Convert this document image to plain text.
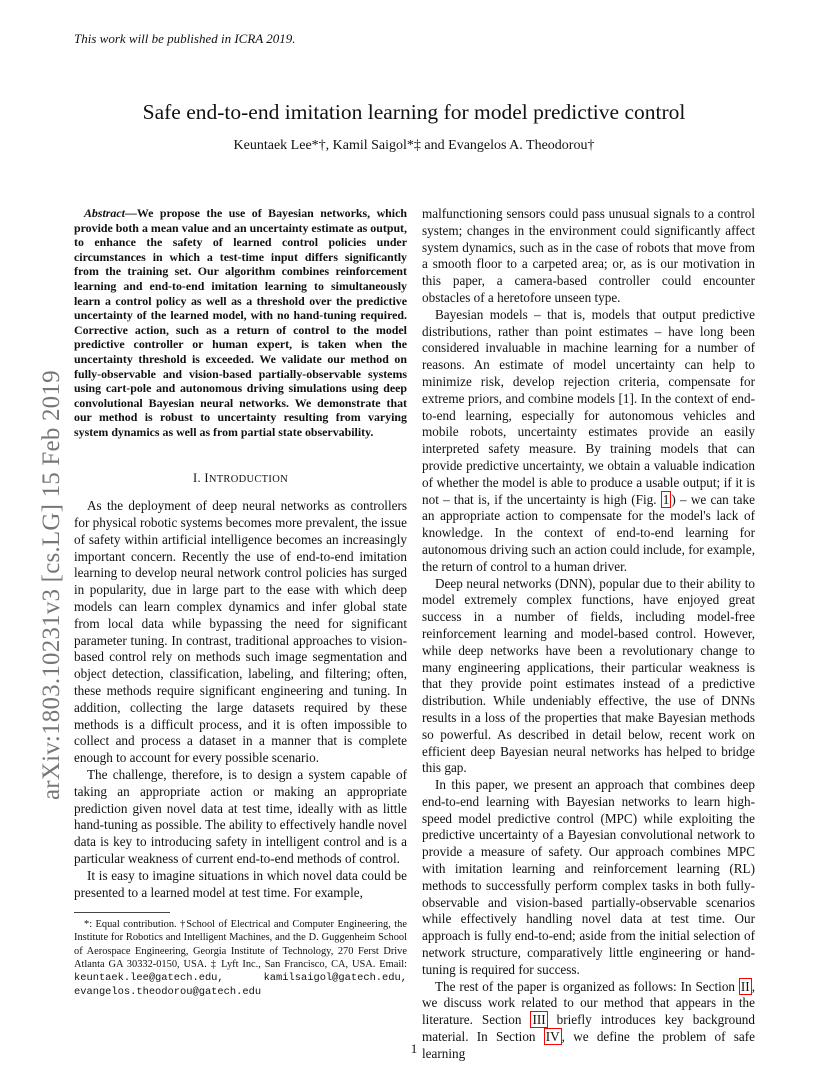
This work will be published in ICRA 2019.
arXiv:1803.10231v3 [cs.LG] 15 Feb 2019
Safe end-to-end imitation learning for model predictive control
Keuntaek Lee*†, Kamil Saigol*‡ and Evangelos A. Theodorou†

Abstract—We propose the use of Bayesian networks, which provide both a mean value and an uncertainty estimate as output, to enhance the safety of learned control policies under circumstances in which a test-time input differs significantly from the training set. Our algorithm combines reinforcement learning and end-to-end imitation learning to simultaneously learn a control policy as well as a threshold over the predictive uncertainty of the learned model, with no hand-tuning required. Corrective action, such as a return of control to the model predictive controller or human expert, is taken when the uncertainty threshold is exceeded. We validate our method on fully-observable and vision-based partially-observable systems using cart-pole and autonomous driving simulations using deep convolutional Bayesian neural networks. We demonstrate that our method is robust to uncertainty resulting from varying system dynamics as well as from partial state observability.

I. INTRODUCTION

As the deployment of deep neural networks as controllers for physical robotic systems becomes more prevalent, the issue of safety within artificial intelligence becomes an increasingly important concern. Recently the use of end-to-end imitation learning to develop neural network control policies has surged in popularity, due in large part to the ease with which deep models can learn complex dynamics and infer global state from local data while bypassing the need for significant parameter tuning. In contrast, traditional approaches to vision-based control rely on methods such image segmentation and object detection, classification, labeling, and filtering; often, these methods require significant engineering and tuning. In addition, collecting the large datasets required by these methods is a difficult process, and it is often impossible to collect and process a dataset in a manner that is complete enough to account for every possible scenario.

The challenge, therefore, is to design a system capable of taking an appropriate action or making an appropriate prediction given novel data at test time, ideally with as little hand-tuning as possible. The ability to effectively handle novel data is key to introducing safety in intelligent control and is a particular weakness of current end-to-end methods of control.

It is easy to imagine situations in which novel data could be presented to a learned model at test time. For example,

*: Equal contribution. †School of Electrical and Computer Engineering, the Institute for Robotics and Intelligent Machines, and the D. Guggenheim School of Aerospace Engineering, Georgia Institute of Technology, 270 Ferst Drive Atlanta GA 30332-0150, USA. ‡ Lyft Inc., San Francisco, CA, USA. Email: keuntaek.lee@gatech.edu, kamilsaigol@gatech.edu, evangelos.theodorou@gatech.edu

malfunctioning sensors could pass unusual signals to a control system; changes in the environment could significantly affect system dynamics, such as in the case of robots that move from a smooth floor to a carpeted area; or, as is our motivation in this paper, a camera-based controller could encounter obstacles of a heretofore unseen type.

Bayesian models – that is, models that output predictive distributions, rather than point estimates – have long been considered invaluable in machine learning for a number of reasons. An estimate of model uncertainty can help to minimize risk, develop rejection criteria, compensate for extreme priors, and combine models [1]. In the context of end-to-end learning, especially for autonomous vehicles and mobile robots, uncertainty estimates provide an easily interpreted safety measure. By training models that can provide predictive uncertainty, we obtain a valuable indication of whether the model is able to produce a usable output; if it is not – that is, if the uncertainty is high (Fig. 1 ) – we can take an appropriate action to compensate for the model's lack of knowledge. In the context of end-to-end learning for autonomous driving such an action could include, for example, the return of control to a human driver.

Deep neural networks (DNN), popular due to their ability to model extremely complex functions, have enjoyed great success in a number of fields, including model-free reinforcement learning and model-based control. However, while deep networks have been a revolutionary change to many engineering applications, their particular weakness is that they provide point estimates instead of a predictive distribution. While undeniably effective, the use of DNNs results in a loss of the properties that make Bayesian methods so powerful. As described in detail below, recent work on efficient deep Bayesian neural networks has helped to bridge this gap.

In this paper, we present an approach that combines deep end-to-end learning with Bayesian networks to learn high-speed model predictive control (MPC) while exploiting the predictive uncertainty of a Bayesian convolutional network to provide a measure of safety. Our approach combines MPC with imitation learning and reinforcement learning (RL) methods to successfully perform complex tasks in both fully-observable and vision-based partially-observable scenarios while effectively handling novel data at test time. Our approach is fully end-to-end; aside from the initial selection of network structure, comparatively little engineering or hand-tuning is required for success.

The rest of the paper is organized as follows: In Section II , we discuss work related to our method that appears in the literature. Section III briefly introduces key background material. In Section IV , we define the problem of safe learning

1
